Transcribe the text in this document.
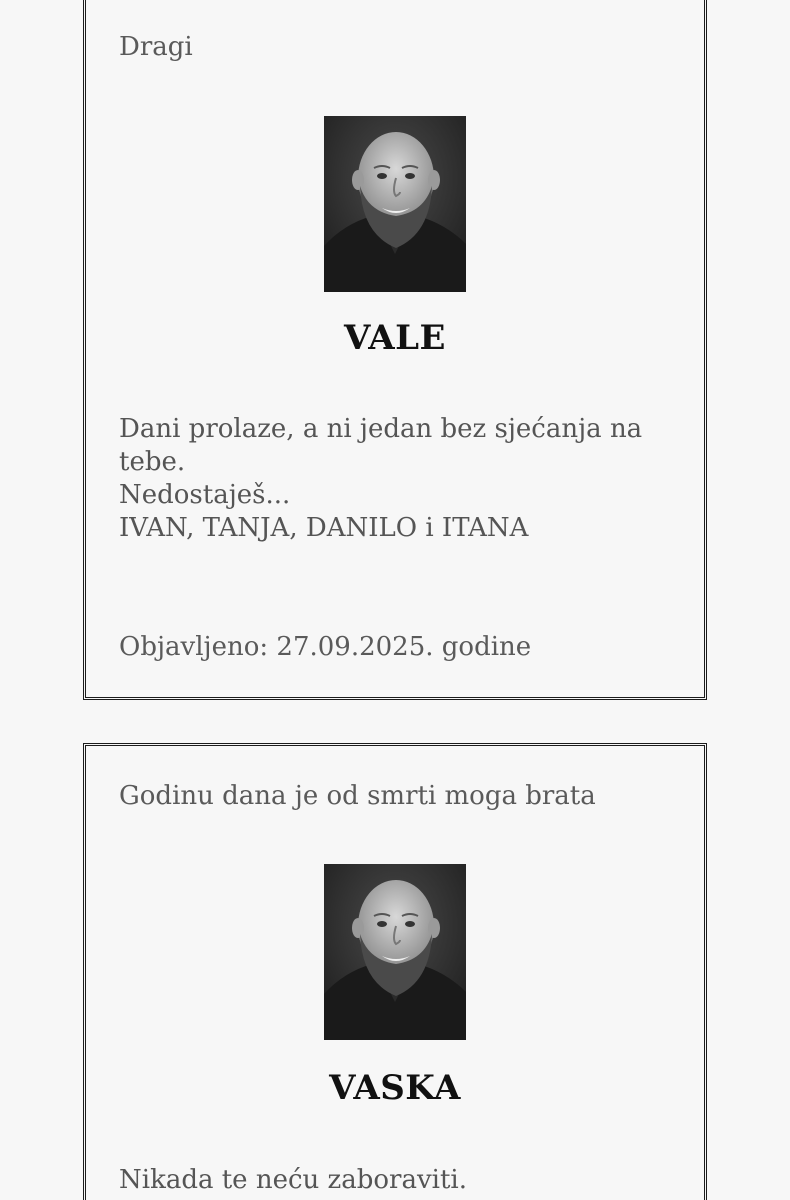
Dragi
VALE
Dani prolaze, a ni jedan bez sjećanja na
tebe.
Nedostaješ...
IVAN, TANJA, DANILO i ITANA
Objavljeno: 27.09.2025. godine
Godinu dana je od smrti moga brata
VASKA
Nikada te neću zaboraviti.
